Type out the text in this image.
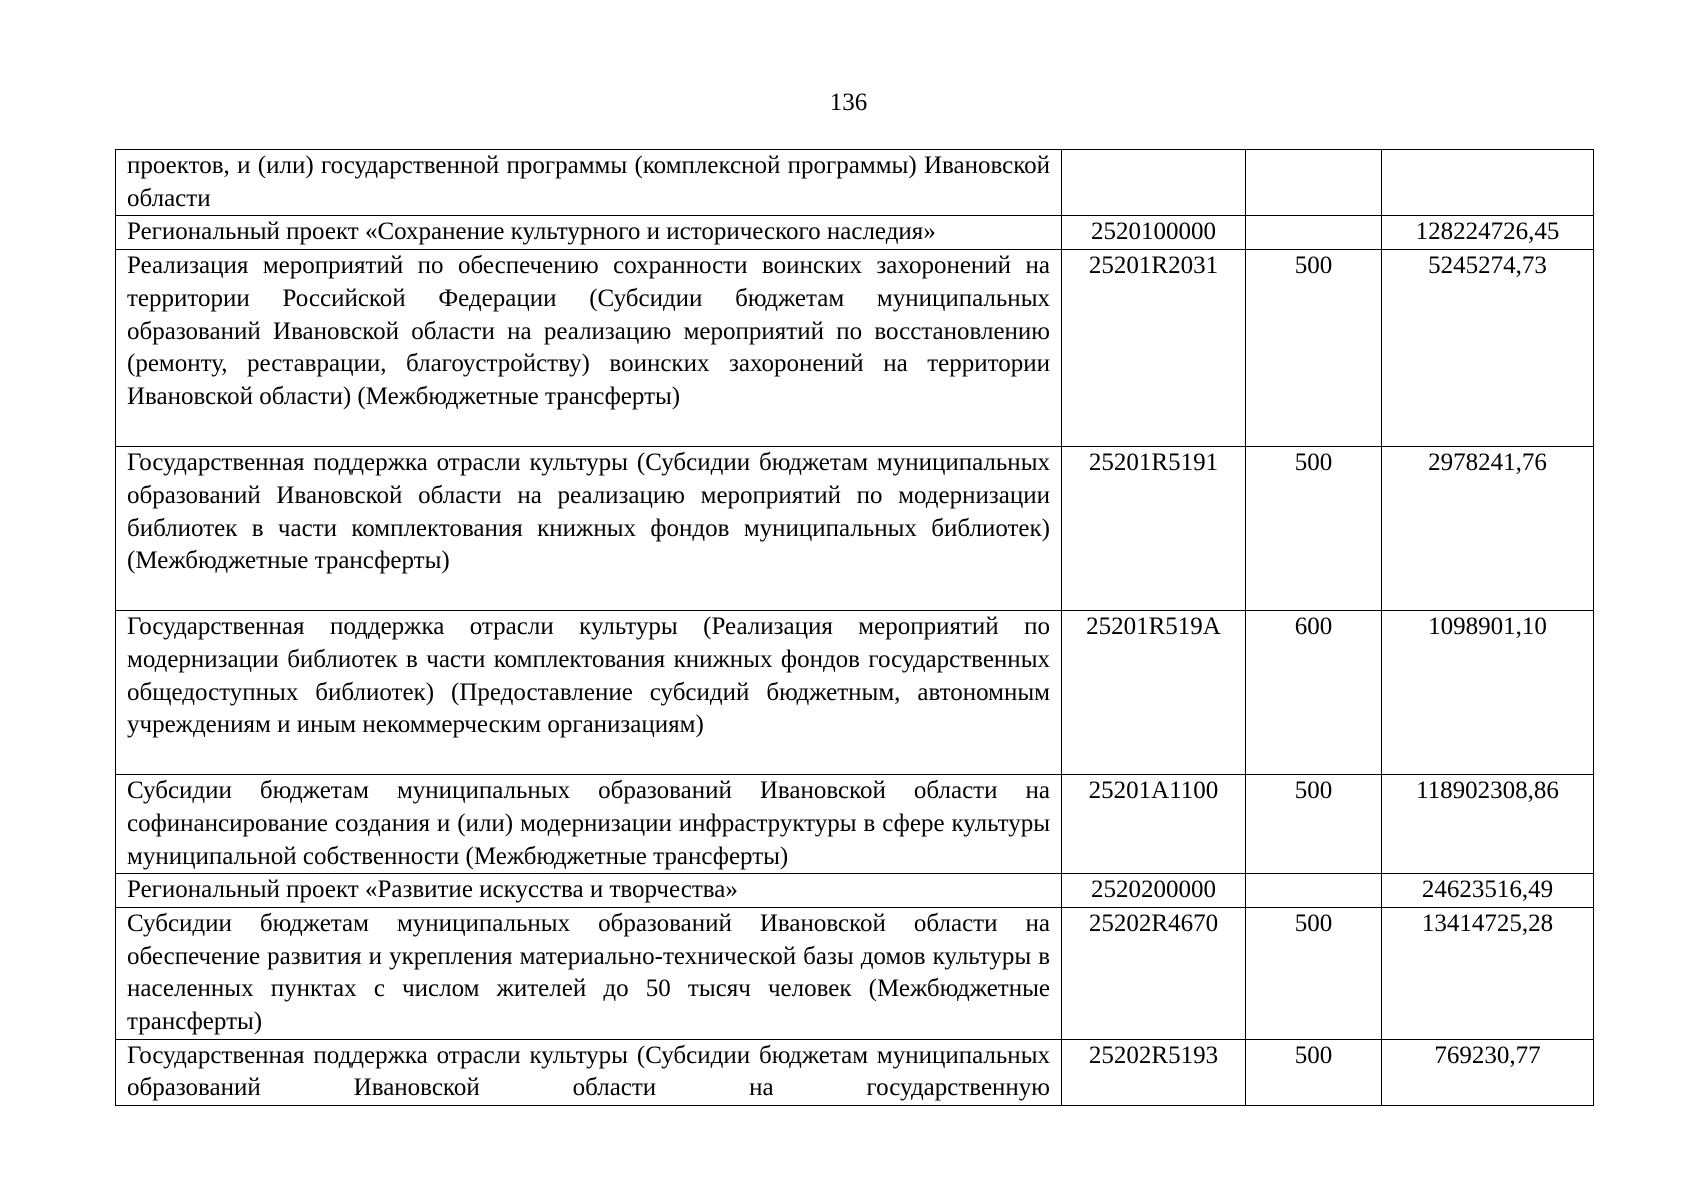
136
проектов, и (или) государственной программы (комплексной программы) Ивановской области			
Региональный проект «Сохранение культурного и исторического наследия»	2520100000		128224726,45
Реализация мероприятий по обеспечению сохранности воинских захоронений на территории Российской Федерации (Субсидии бюджетам муниципальных образований Ивановской области на реализацию мероприятий по восстановлению (ремонту, реставрации, благоустройству) воинских захоронений на территории Ивановской области) (Межбюджетные трансферты)	25201R2031	500	5245274,73
Государственная поддержка отрасли культуры (Субсидии бюджетам муниципальных образований Ивановской области на реализацию мероприятий по модернизации библиотек в части комплектования книжных фондов муниципальных библиотек) (Межбюджетные трансферты)	25201R5191	500	2978241,76
Государственная поддержка отрасли культуры (Реализация мероприятий по модернизации библиотек в части комплектования книжных фондов государственных общедоступных библиотек) (Предоставление субсидий бюджетным, автономным учреждениям и иным некоммерческим организациям)	25201R519A	600	1098901,10
Субсидии бюджетам муниципальных образований Ивановской области на софинансирование создания и (или) модернизации инфраструктуры в сфере культуры муниципальной собственности (Межбюджетные трансферты)	25201A1100	500	118902308,86
Региональный проект «Развитие искусства и творчества»	2520200000		24623516,49
Субсидии бюджетам муниципальных образований Ивановской области на обеспечение развития и укрепления материально-технической базы домов культуры в населенных пунктах с числом жителей до 50 тысяч человек (Межбюджетные трансферты)	25202R4670	500	13414725,28
Государственная поддержка отрасли культуры (Субсидии бюджетам муниципальных образований Ивановской области на государственную	25202R5193	500	769230,77
